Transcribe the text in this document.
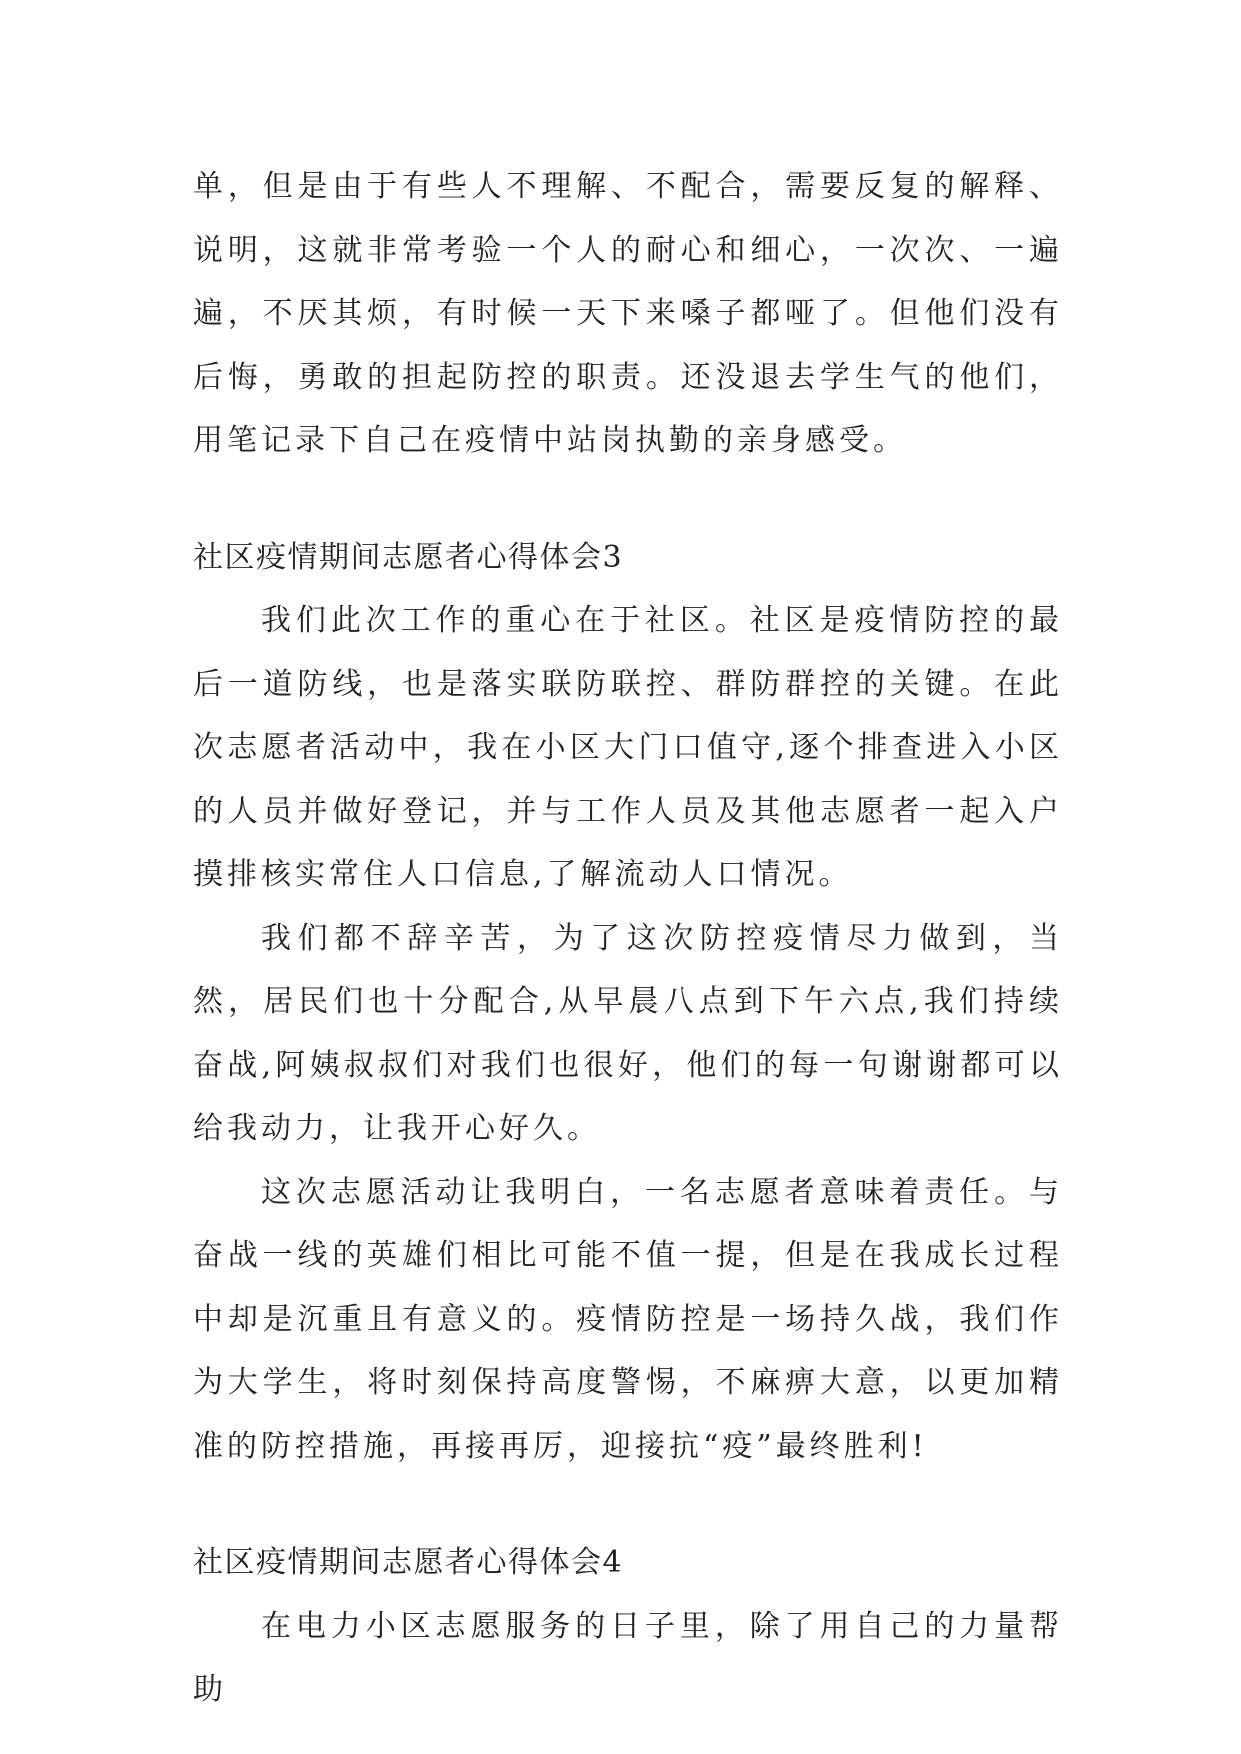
单，但是由于有些人不理解、不配合，需要反复的解释、说明，这就非常考验一个人的耐心和细心，一次次、一遍遍，不厌其烦，有时候一天下来嗓子都哑了。但他们没有后悔，勇敢的担起防控的职责。还没退去学生气的他们，用笔记录下自己在疫情中站岗执勤的亲身感受。

社区疫情期间志愿者心得体会3

我们此次工作的重心在于社区。社区是疫情防控的最后一道防线，也是落实联防联控、群防群控的关键。在此次志愿者活动中，我在小区大门口值守,逐个排查进入小区的人员并做好登记，并与工作人员及其他志愿者一起入户摸排核实常住人口信息,了解流动人口情况。

我们都不辞辛苦，为了这次防控疫情尽力做到，当然，居民们也十分配合,从早晨八点到下午六点,我们持续奋战,阿姨叔叔们对我们也很好，他们的每一句谢谢都可以给我动力，让我开心好久。

这次志愿活动让我明白，一名志愿者意味着责任。与奋战一线的英雄们相比可能不值一提，但是在我成长过程中却是沉重且有意义的。疫情防控是一场持久战，我们作为大学生，将时刻保持高度警惕，不麻痹大意，以更加精准的防控措施，再接再厉，迎接抗“疫”最终胜利!

社区疫情期间志愿者心得体会4

在电力小区志愿服务的日子里，除了用自己的力量帮助
